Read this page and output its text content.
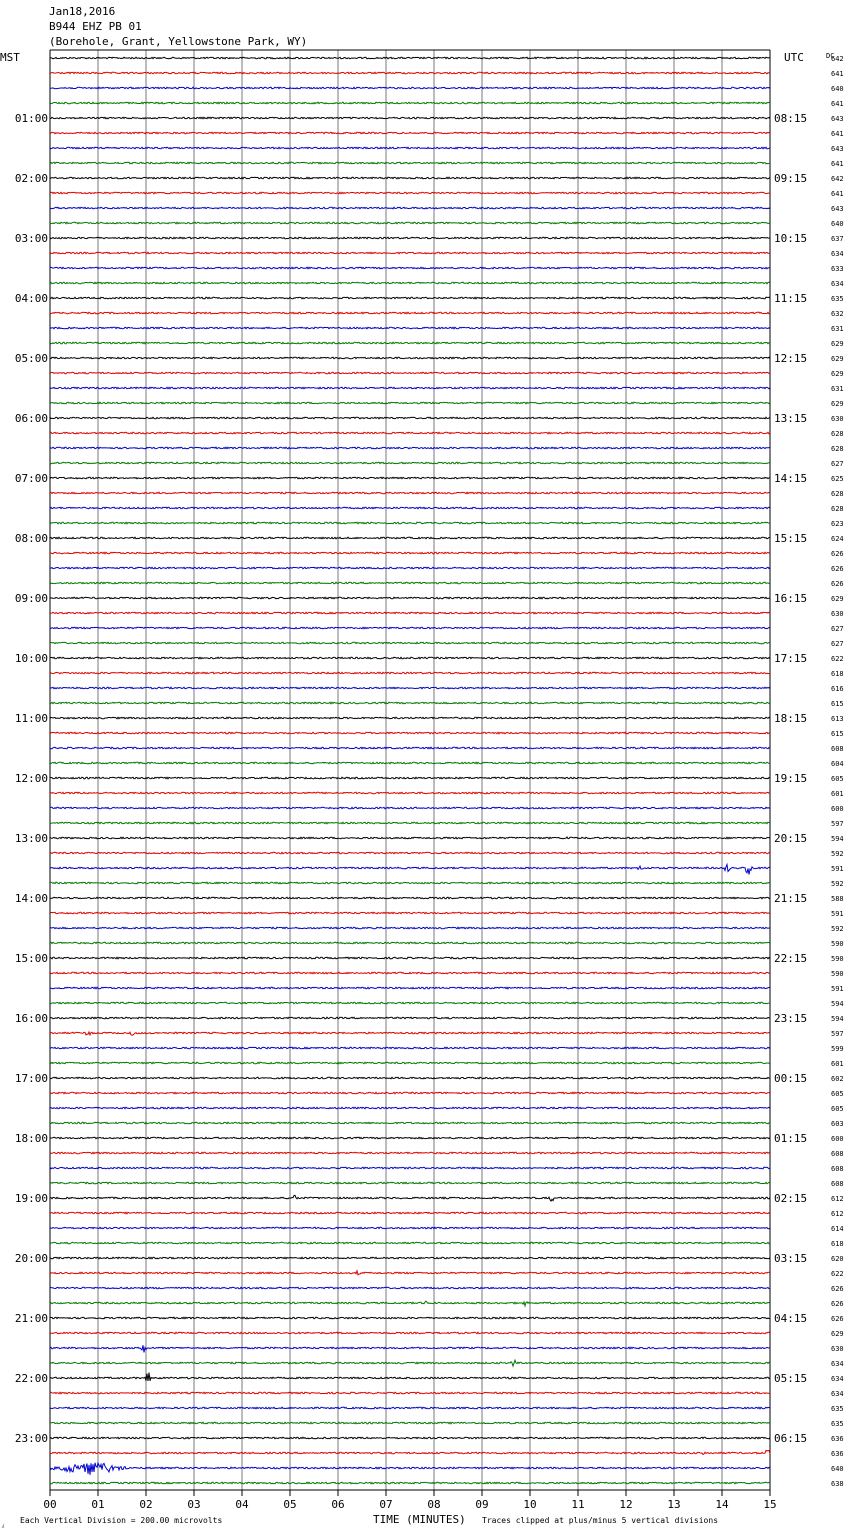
Jan18,2016
B944 EHZ PB 01
(Borehole, Grant, Yellowstone Park, WY)
00	01	02	03	04	05	06	07	08	09	10	11	12	13	14	15
642
641
640
641
643
641
643
641
642
641
643
640
637
634
633
634
635
632
631
629
629
629
631
629
630
628
628
627
625
628
628
623
624
626
626
626
629
630
627
627
622
618
616
615
613
615
608
604
605
601
600
597
594
592
591
592
588
591
592
590
590
590
591
594
594
597
599
601
602
605
605
603
600
608
608
608
612
612
614
618
620
622
626
626
626
629
630
634
634
634
635
635
636
636
640
638
01:00	08:15
02:00	09:15
03:00	10:15
04:00	11:15
05:00	12:15
06:00	13:15
07:00	14:15
08:00	15:15
09:00	16:15
10:00	17:15
11:00	18:15
12:00	19:15
13:00	20:15
14:00	21:15
15:00	22:15
16:00	23:15
17:00	00:15
18:00	01:15
19:00	02:15
20:00	03:15
21:00	04:15
22:00	05:15
23:00	06:15
MST	UTC	DC
TIME (MINUTES)
Each Vertical Division = 200.00 microvolts	Traces clipped at plus/minus 5 vertical divisions
⁁
